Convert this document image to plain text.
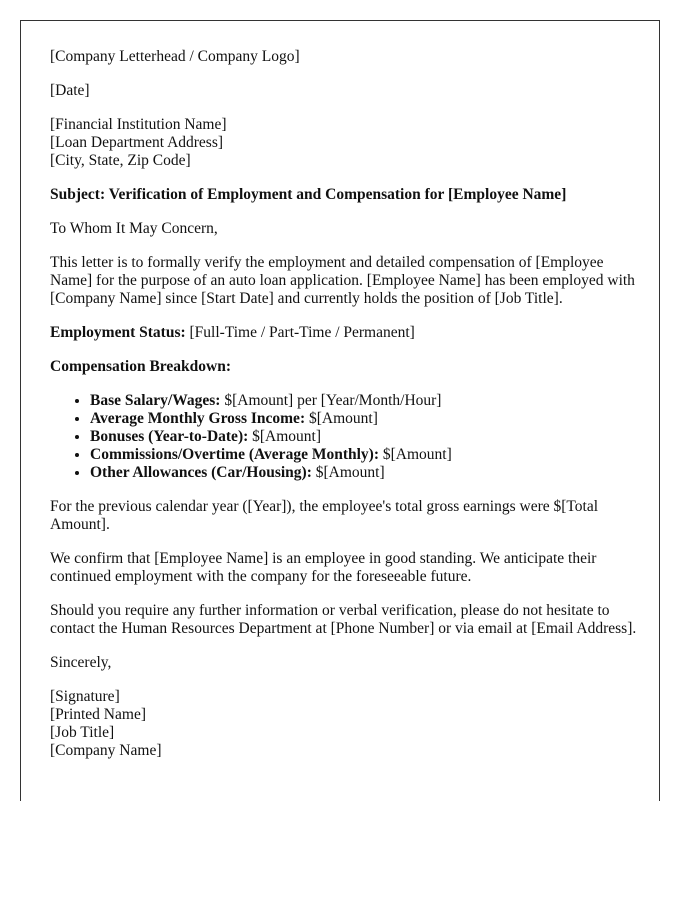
[Company Letterhead / Company Logo]

[Date]

[Financial Institution Name]
[Loan Department Address]
[City, State, Zip Code]

Subject: Verification of Employment and Compensation for [Employee Name]

To Whom It May Concern,

This letter is to formally verify the employment and detailed compensation of [Employee Name] for the purpose of an auto loan application. [Employee Name] has been employed with [Company Name] since [Start Date] and currently holds the position of [Job Title].

Employment Status: [Full-Time / Part-Time / Permanent]

Compensation Breakdown:

• Base Salary/Wages: $[Amount] per [Year/Month/Hour]
• Average Monthly Gross Income: $[Amount]
• Bonuses (Year-to-Date): $[Amount]
• Commissions/Overtime (Average Monthly): $[Amount]
• Other Allowances (Car/Housing): $[Amount]

For the previous calendar year ([Year]), the employee's total gross earnings were $[Total Amount].

We confirm that [Employee Name] is an employee in good standing. We anticipate their continued employment with the company for the foreseeable future.

Should you require any further information or verbal verification, please do not hesitate to contact the Human Resources Department at [Phone Number] or via email at [Email Address].

Sincerely,

[Signature]
[Printed Name]
[Job Title]
[Company Name]
